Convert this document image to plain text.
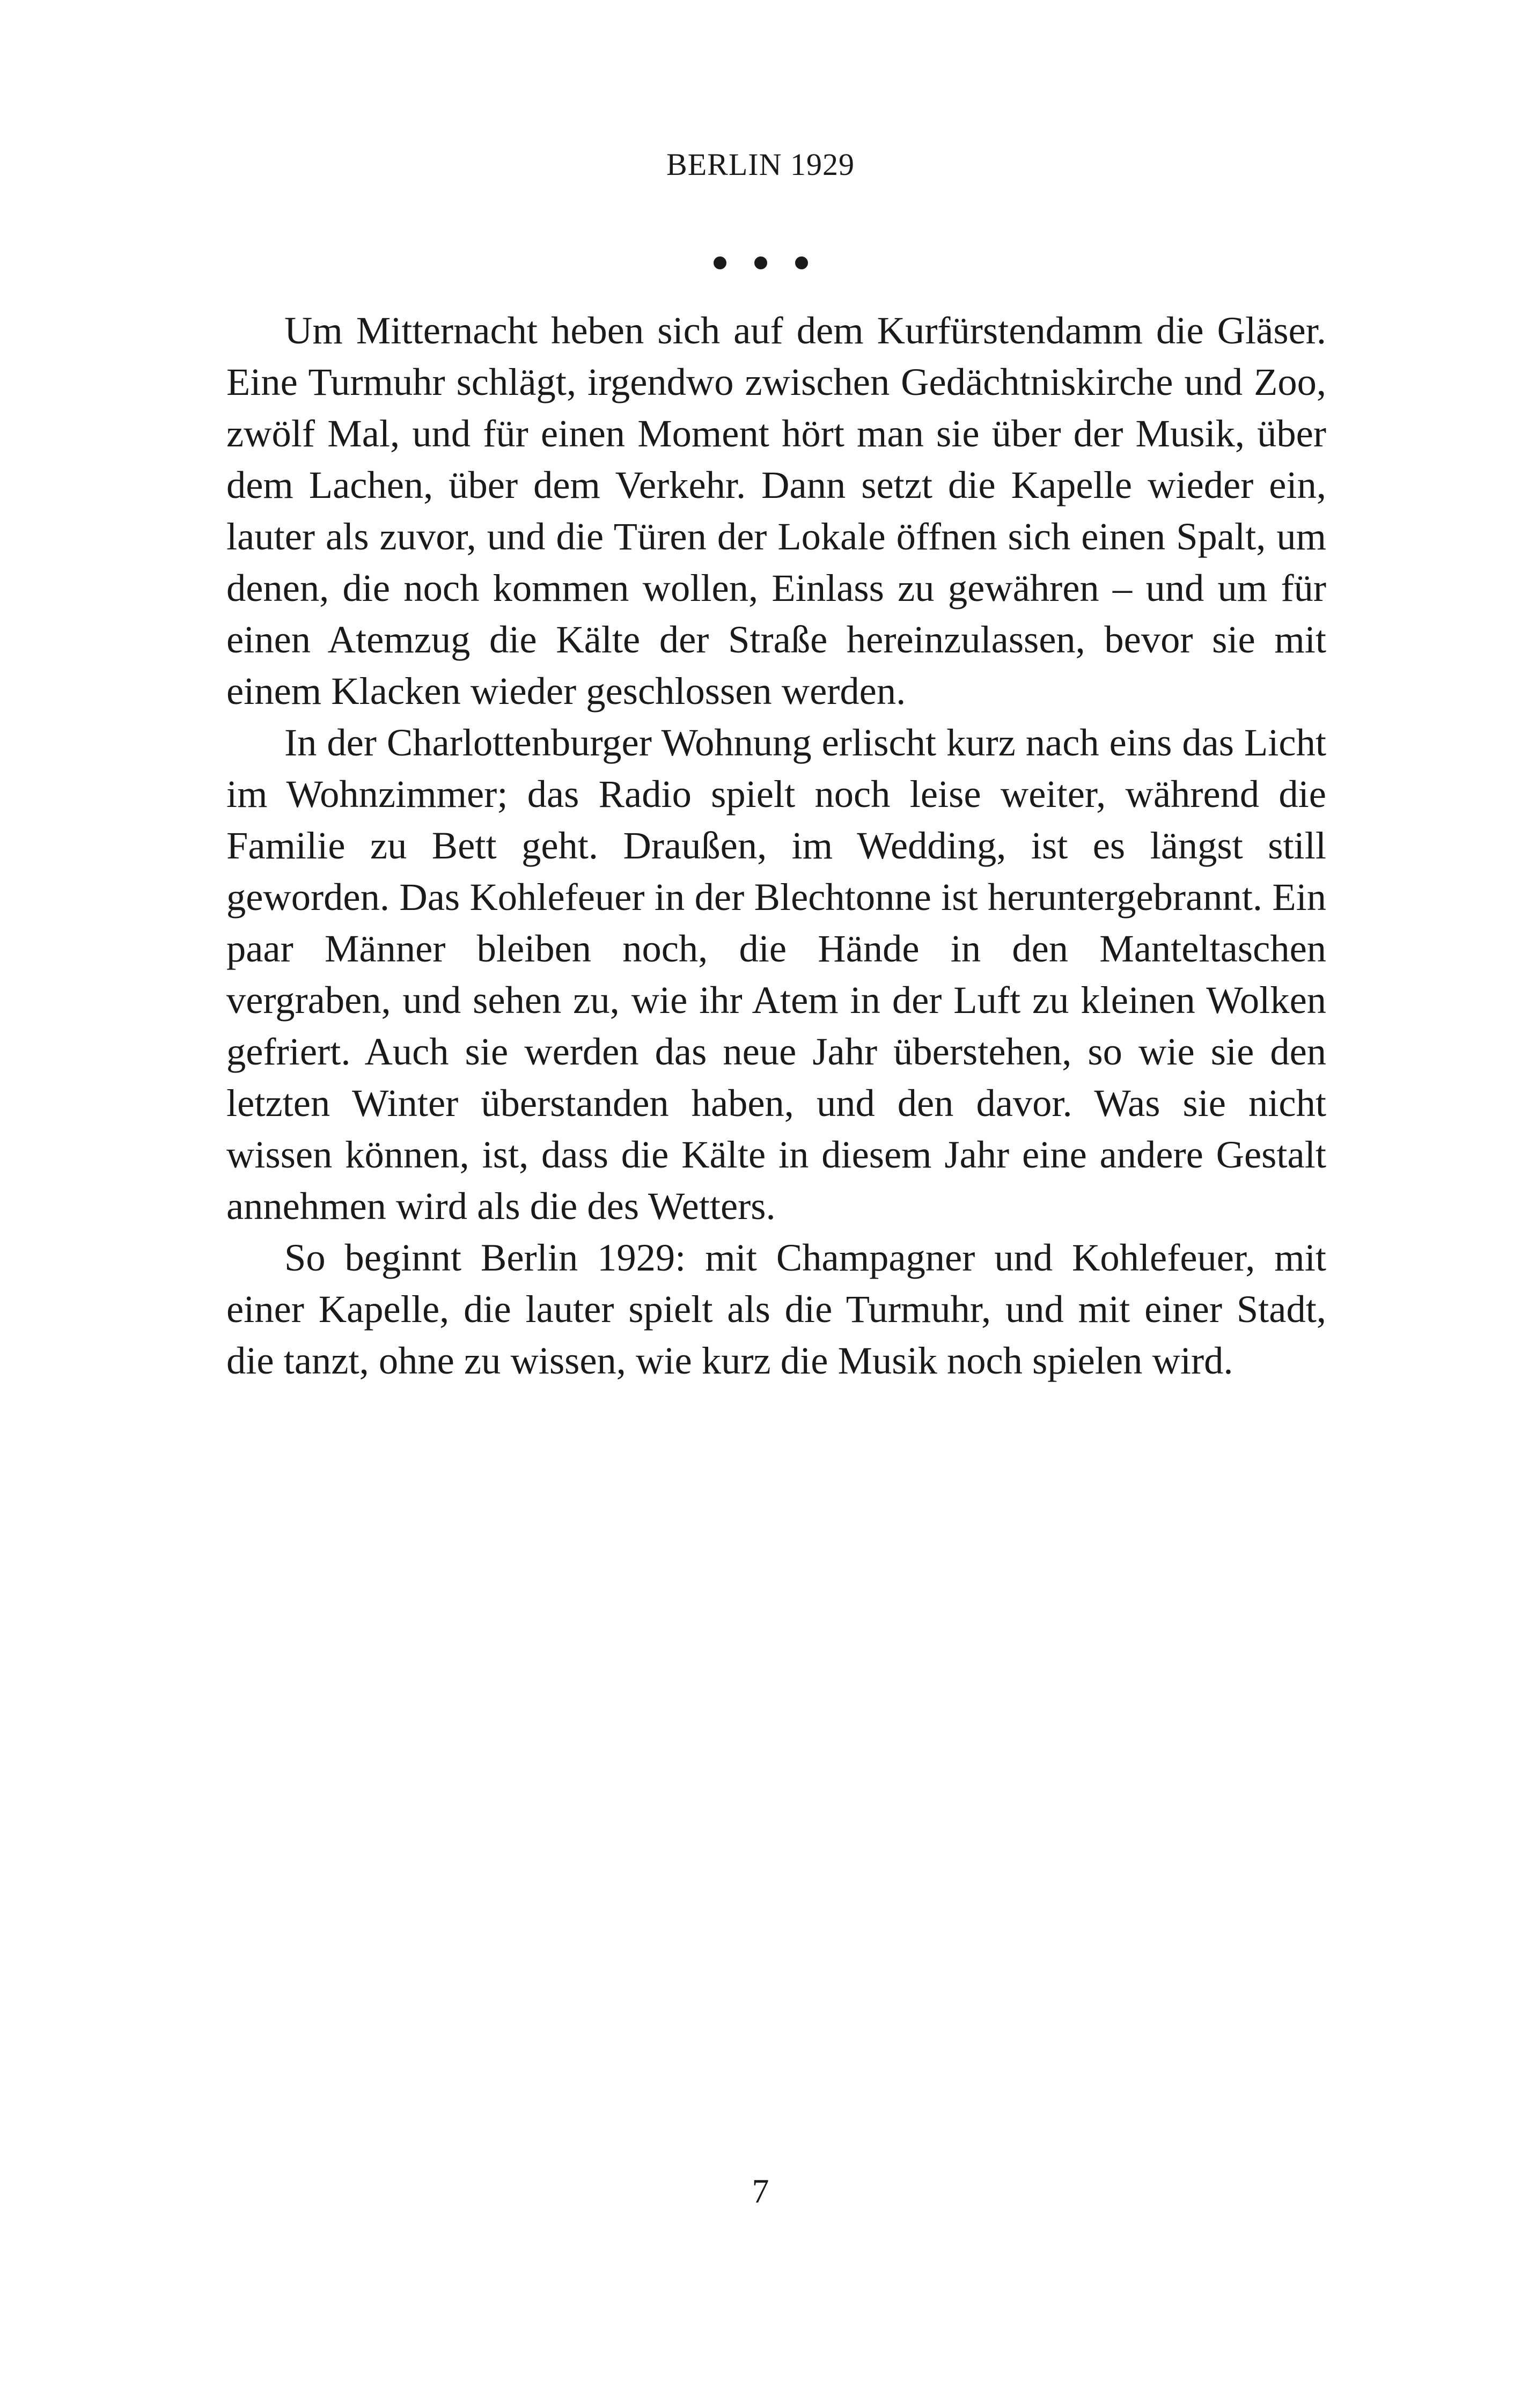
BERLIN 1929

Um Mitternacht heben sich auf dem Kurfürstendamm die Gläser. Eine Turmuhr schlägt, irgendwo zwischen Gedächtniskirche und Zoo, zwölf Mal, und für einen Moment hört man sie über der Musik, über dem Lachen, über dem Verkehr. Dann setzt die Kapelle wieder ein, lauter als zuvor, und die Türen der Lokale öffnen sich einen Spalt, um denen, die noch kommen wollen, Einlass zu gewähren – und um für einen Atemzug die Kälte der Straße hereinzulassen, bevor sie mit einem Klacken wieder geschlossen werden.

In der Charlottenburger Wohnung erlischt kurz nach eins das Licht im Wohnzimmer; das Radio spielt noch leise weiter, während die Familie zu Bett geht. Draußen, im Wedding, ist es längst still geworden. Das Kohlefeuer in der Blechtonne ist heruntergebrannt. Ein paar Männer bleiben noch, die Hände in den Manteltaschen vergraben, und sehen zu, wie ihr Atem in der Luft zu kleinen Wolken gefriert. Auch sie werden das neue Jahr überstehen, so wie sie den letzten Winter überstanden haben, und den davor. Was sie nicht wissen können, ist, dass die Kälte in diesem Jahr eine andere Gestalt annehmen wird als die des Wetters.

So beginnt Berlin 1929: mit Champagner und Kohlefeuer, mit einer Kapelle, die lauter spielt als die Turmuhr, und mit einer Stadt, die tanzt, ohne zu wissen, wie kurz die Musik noch spielen wird.

7
